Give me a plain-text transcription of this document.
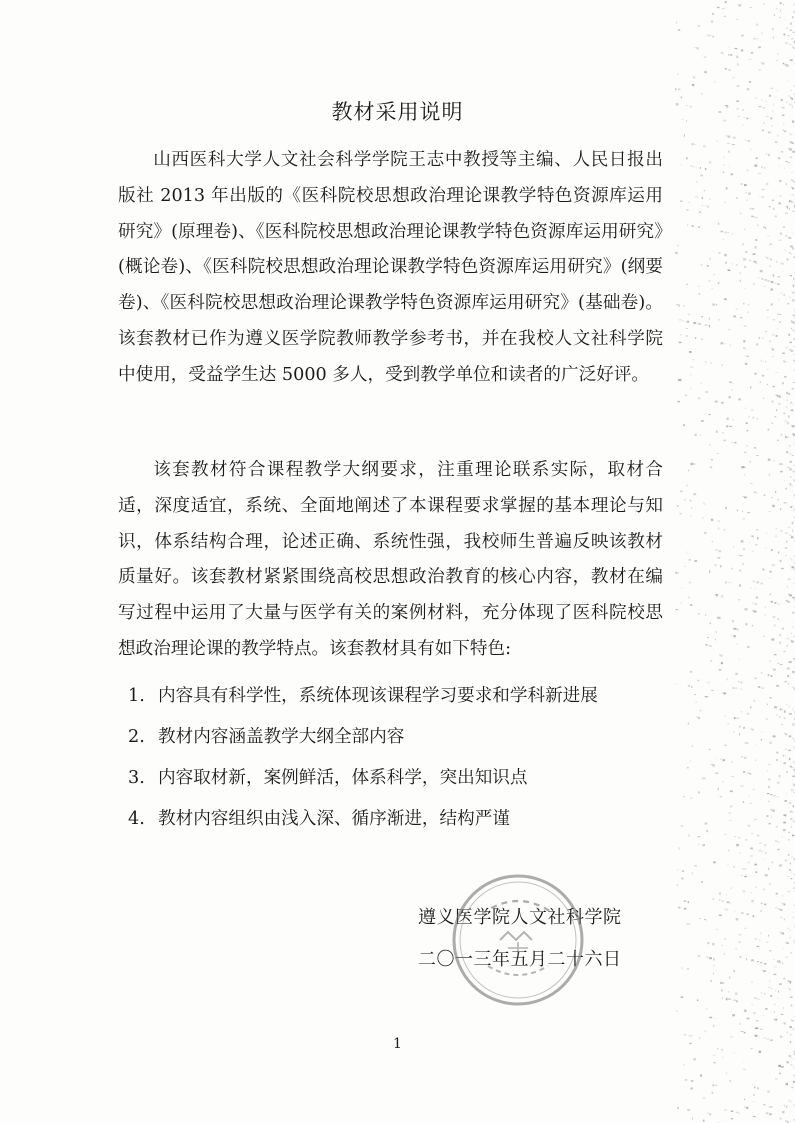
教材采用说明
山西医科大学人文社会科学学院王志中教授等主编、人民日报出版社 2013 年出版的《医科院校思想政治理论课教学特色资源库运用研究》(原理卷)、《医科院校思想政治理论课教学特色资源库运用研究》(概论卷)、《医科院校思想政治理论课教学特色资源库运用研究》(纲要卷)、《医科院校思想政治理论课教学特色资源库运用研究》(基础卷)。该套教材已作为遵义医学院教师教学参考书，并在我校人文社科学院中使用，受益学生达 5000 多人，受到教学单位和读者的广泛好评。
该套教材符合课程教学大纲要求，注重理论联系实际，取材合适，深度适宜，系统、全面地阐述了本课程要求掌握的基本理论与知识，体系结构合理，论述正确、系统性强，我校师生普遍反映该教材质量好。该套教材紧紧围绕高校思想政治教育的核心内容，教材在编写过程中运用了大量与医学有关的案例材料，充分体现了医科院校思想政治理论课的教学特点。该套教材具有如下特色:
1. 内容具有科学性，系统体现该课程学习要求和学科新进展
2. 教材内容涵盖教学大纲全部内容
3. 内容取材新，案例鲜活，体系科学，突出知识点
4. 教材内容组织由浅入深、循序渐进，结构严谨
遵义医学院人文社科学院
二〇一三年五月二十六日
1
